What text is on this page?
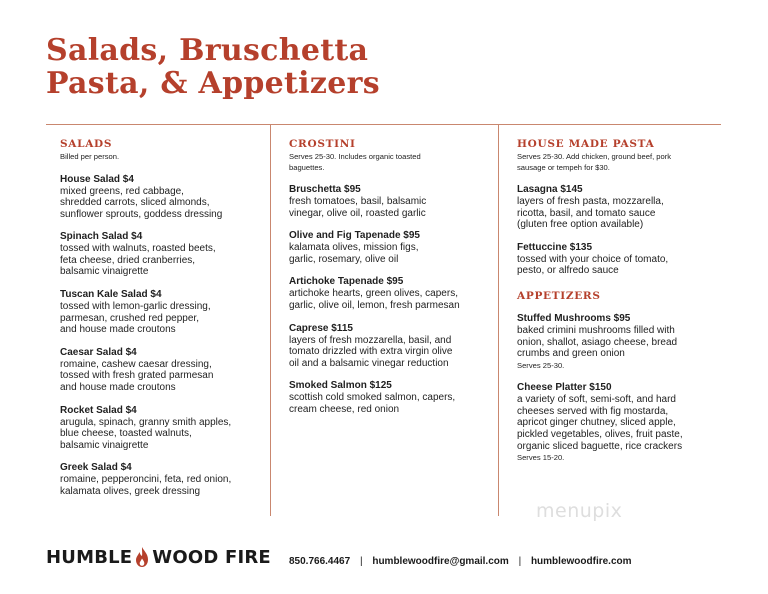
Salads, Bruschetta
Pasta, & Appetizers
SALADS
Billed per person.
House Salad $4
mixed greens, red cabbage,
shredded carrots, sliced almonds,
sunflower sprouts, goddess dressing
Spinach Salad $4
tossed with walnuts, roasted beets,
feta cheese, dried cranberries,
balsamic vinaigrette
Tuscan Kale Salad $4
tossed with lemon-garlic dressing,
parmesan, crushed red pepper,
and house made croutons
Caesar Salad $4
romaine, cashew caesar dressing,
tossed with fresh grated parmesan
and house made croutons
Rocket Salad $4
arugula, spinach, granny smith apples,
blue cheese, toasted walnuts,
balsamic vinaigrette
Greek Salad $4
romaine, pepperoncini, feta, red onion,
kalamata olives, greek dressing
CROSTINI
Serves 25-30. Includes organic toasted
baguettes.
Bruschetta $95
fresh tomatoes, basil, balsamic
vinegar, olive oil, roasted garlic
Olive and Fig Tapenade $95
kalamata olives, mission figs,
garlic, rosemary, olive oil
Artichoke Tapenade $95
artichoke hearts, green olives, capers,
garlic, olive oil, lemon, fresh parmesan
Caprese $115
layers of fresh mozzarella, basil, and
tomato drizzled with extra virgin olive
oil and a balsamic vinegar reduction
Smoked Salmon $125
scottish cold smoked salmon, capers,
cream cheese, red onion
HOUSE MADE PASTA
Serves 25-30. Add chicken, ground beef, pork
sausage or tempeh for $30.
Lasagna $145
layers of fresh pasta, mozzarella,
ricotta, basil, and tomato sauce
(gluten free option available)
Fettuccine $135
tossed with your choice of tomato,
pesto, or alfredo sauce
APPETIZERS
Stuffed Mushrooms $95
baked crimini mushrooms filled with
onion, shallot, asiago cheese, bread
crumbs and green onion
Serves 25-30.
Cheese Platter $150
a variety of soft, semi-soft, and hard
cheeses served with fig mostarda,
apricot ginger chutney, sliced apple,
pickled vegetables, olives, fruit paste,
organic sliced baguette, rice crackers
Serves 15-20.
menupix
HUMBLE WOOD FIRE 850.766.4467 | humblewoodfire@gmail.com | humblewoodfire.com
